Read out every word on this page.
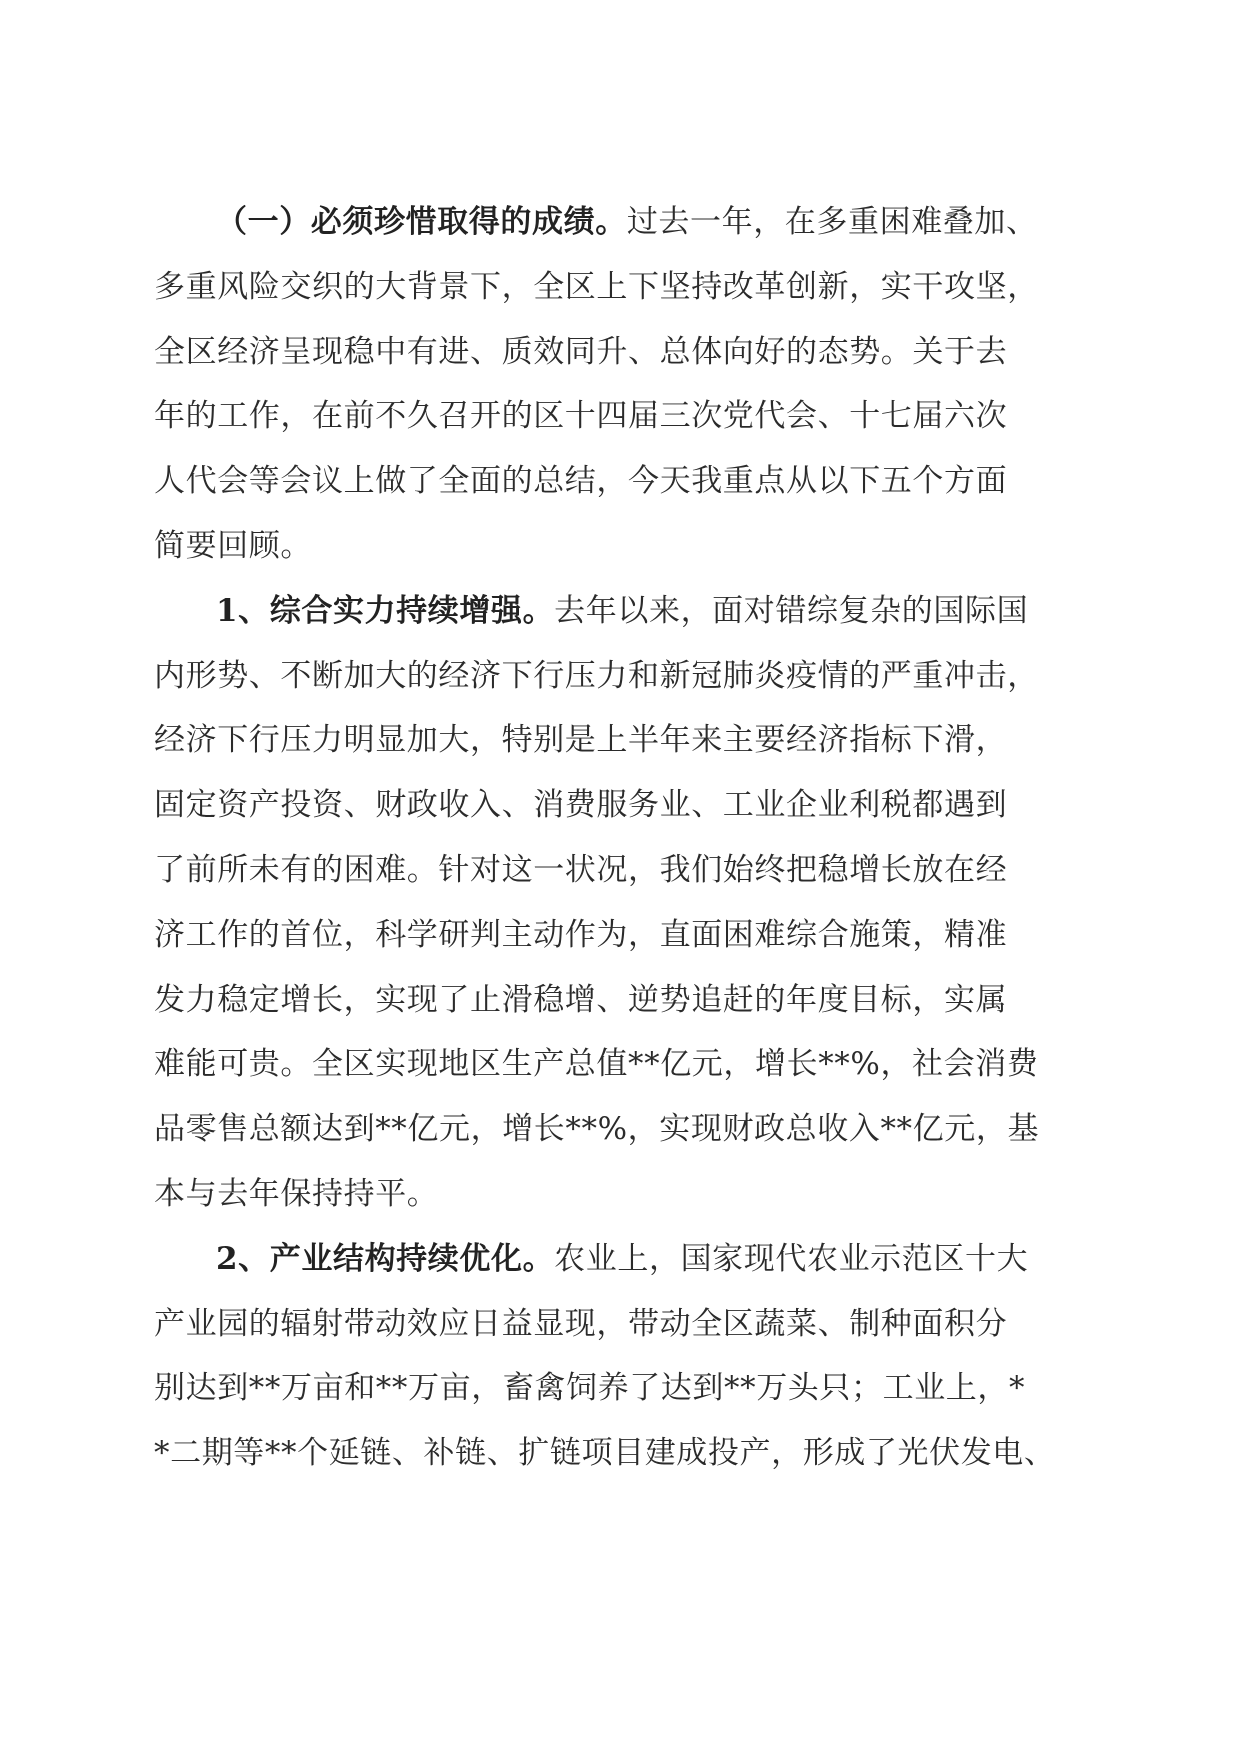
（一）必须珍惜取得的成绩。过去一年，在多重困难叠加、
多重风险交织的大背景下，全区上下坚持改革创新，实干攻坚，
全区经济呈现稳中有进、质效同升、总体向好的态势。关于去
年的工作，在前不久召开的区十四届三次党代会、十七届六次
人代会等会议上做了全面的总结，今天我重点从以下五个方面
简要回顾。
1、综合实力持续增强。去年以来，面对错综复杂的国际国
内形势、不断加大的经济下行压力和新冠肺炎疫情的严重冲击，
经济下行压力明显加大，特别是上半年来主要经济指标下滑，
固定资产投资、财政收入、消费服务业、工业企业利税都遇到
了前所未有的困难。针对这一状况，我们始终把稳增长放在经
济工作的首位，科学研判主动作为，直面困难综合施策，精准
发力稳定增长，实现了止滑稳增、逆势追赶的年度目标，实属
难能可贵。全区实现地区生产总值**亿元，增长**%，社会消费
品零售总额达到**亿元，增长**%，实现财政总收入**亿元，基
本与去年保持持平。
2、产业结构持续优化。农业上，国家现代农业示范区十大
产业园的辐射带动效应日益显现，带动全区蔬菜、制种面积分
别达到**万亩和**万亩，畜禽饲养了达到**万头只；工业上，*
*二期等**个延链、补链、扩链项目建成投产，形成了光伏发电、
